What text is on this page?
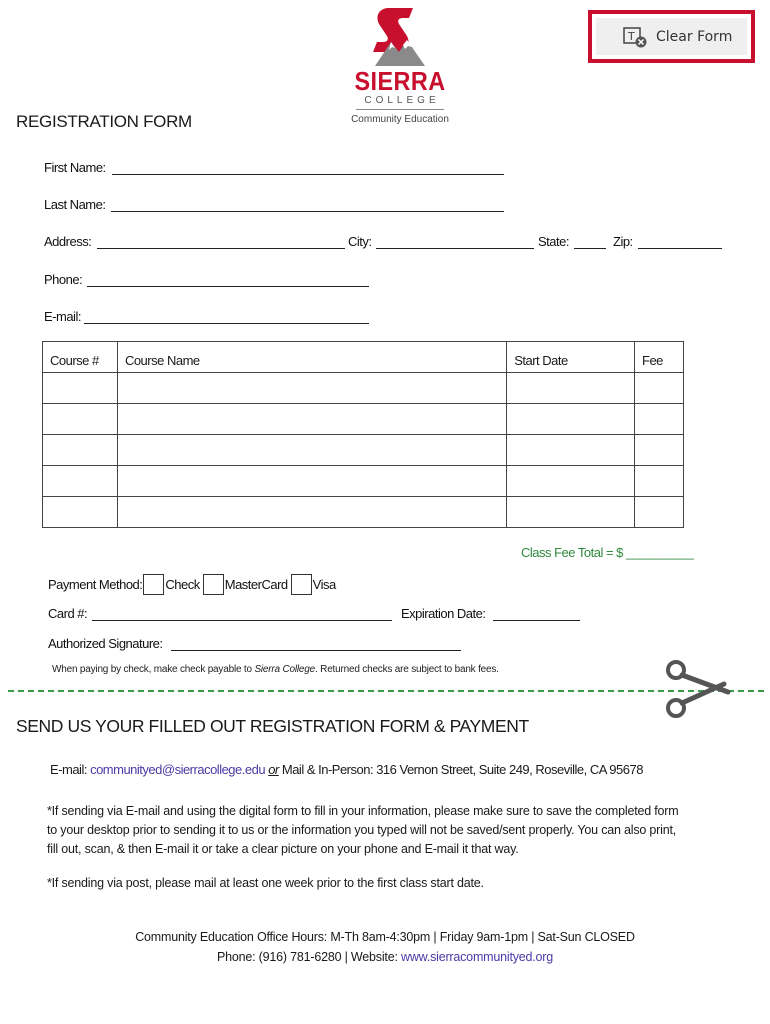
SIERRA
COLLEGE
Community Education
T Clear Form
REGISTRATION FORM
First Name:
Last Name:
Address:	City:	State:	Zip:
Phone:
E-mail:
Course #	Course Name	Start Date	Fee

Class Fee Total = $ __________
Payment Method: Check MasterCard Visa
Card #:	Expiration Date:
Authorized Signature:
When paying by check, make check payable to Sierra College. Returned checks are subject to bank fees.
SEND US YOUR FILLED OUT REGISTRATION FORM & PAYMENT
E-mail: communityed@sierracollege.edu or Mail & In-Person: 316 Vernon Street, Suite 249, Roseville, CA 95678
*If sending via E-mail and using the digital form to fill in your information, please make sure to save the completed form to your desktop prior to sending it to us or the information you typed will not be saved/sent properly. You can also print, fill out, scan, & then E-mail it or take a clear picture on your phone and E-mail it that way.
*If sending via post, please mail at least one week prior to the first class start date.
Community Education Office Hours: M-Th 8am-4:30pm | Friday 9am-1pm | Sat-Sun CLOSED
Phone: (916) 781-6280 | Website: www.sierracommunityed.org
